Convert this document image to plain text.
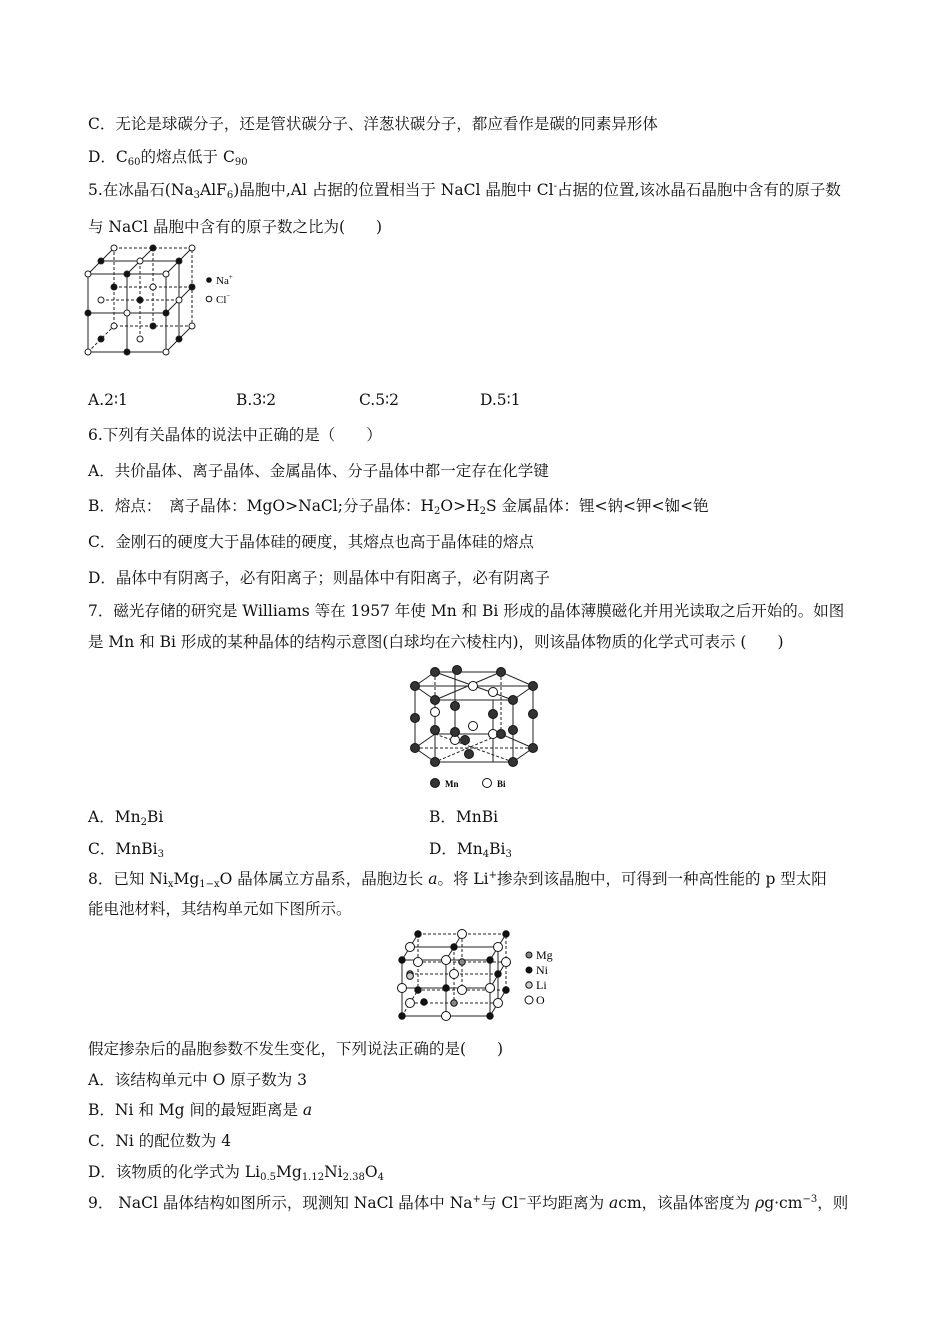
C．无论是球碳分子，还是管状碳分子、洋葱状碳分子，都应看作是碳的同素异形体
D．$C_{60}$的熔点低于 $C_{90}$
5.在冰晶石$(Na_3AlF_6)$晶胞中,Al 占据的位置相当于 NaCl 晶胞中 Cl-占据的位置,该冰晶石晶胞中含有的原子数
与 NaCl 晶胞中含有的原子数之比为(　　)
Na+
Cl−
A.2∶1	B.3∶2	C.5∶2	D.5∶1
6.下列有关晶体的说法中正确的是（　　）
A．共价晶体、离子晶体、金属晶体、分子晶体中都一定存在化学键
B．熔点：　离子晶体：MgO>NaCl;分子晶体：$H_2O>H_2S$ 金属晶体：锂<钠<钾<铷<铯
C．金刚石的硬度大于晶体硅的硬度，其熔点也高于晶体硅的熔点
D．晶体中有阴离子，必有阳离子；则晶体中有阳离子，必有阴离子
7．磁光存储的研究是 Williams 等在 1957 年使 Mn 和 Bi 形成的晶体薄膜磁化并用光读取之后开始的。如图
是 Mn 和 Bi 形成的某种晶体的结构示意图(白球均在六棱柱内)，则该晶体物质的化学式可表示 (　　)
Mn	Bi
A．$Mn_2Bi$	B．MnBi
C．MnBi$_3$	D．$Mn_4Bi_3$
8．已知 $Ni_xMg_{1-x}O$ 晶体属立方晶系，晶胞边长 a。将 Li+掺杂到该晶胞中，可得到一种高性能的 p 型太阳
能电池材料，其结构单元如下图所示。
Mg
Ni
Li
O
假定掺杂后的晶胞参数不发生变化，下列说法正确的是(　　)
A．该结构单元中 O 原子数为 3
B．Ni 和 Mg 间的最短距离是 a
C．Ni 的配位数为 4
D．该物质的化学式为 $Li_{0.5}Mg_{1.12}Ni_{2.38}O_4$
9． NaCl 晶体结构如图所示，现测知 NaCl 晶体中 Na+与 Cl−平均距离为 acm，该晶体密度为 $\rho g\cdot cm^{-3}$，则
